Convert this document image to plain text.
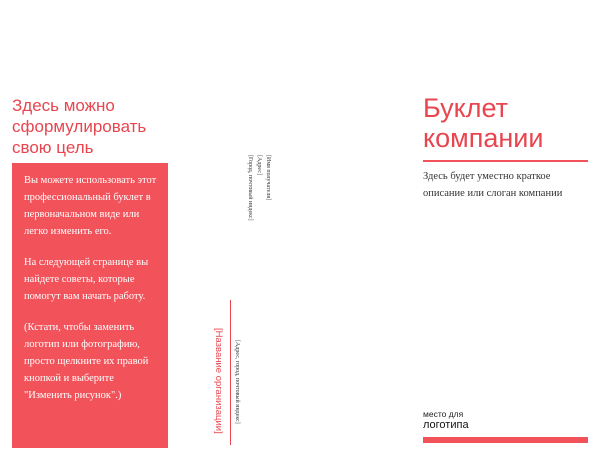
Здесь можно
сформулировать
свою цель

Вы можете использовать этот профессиональный буклет в первоначальном виде или легко изменить его.

На следующей странице вы найдете советы, которые помогут вам начать работу.

(Кстати, чтобы заменить логотип или фотографию, просто щелкните их правой кнопкой и выберите "Изменить рисунок".)

[Имя получателя]
[Адрес]
[Город, почтовый индекс]
[Название организации] [Адрес, город, почтовый индекс]
Буклет
компании
Здесь будет уместно краткое описание или слоган компании
место для
логотипа
